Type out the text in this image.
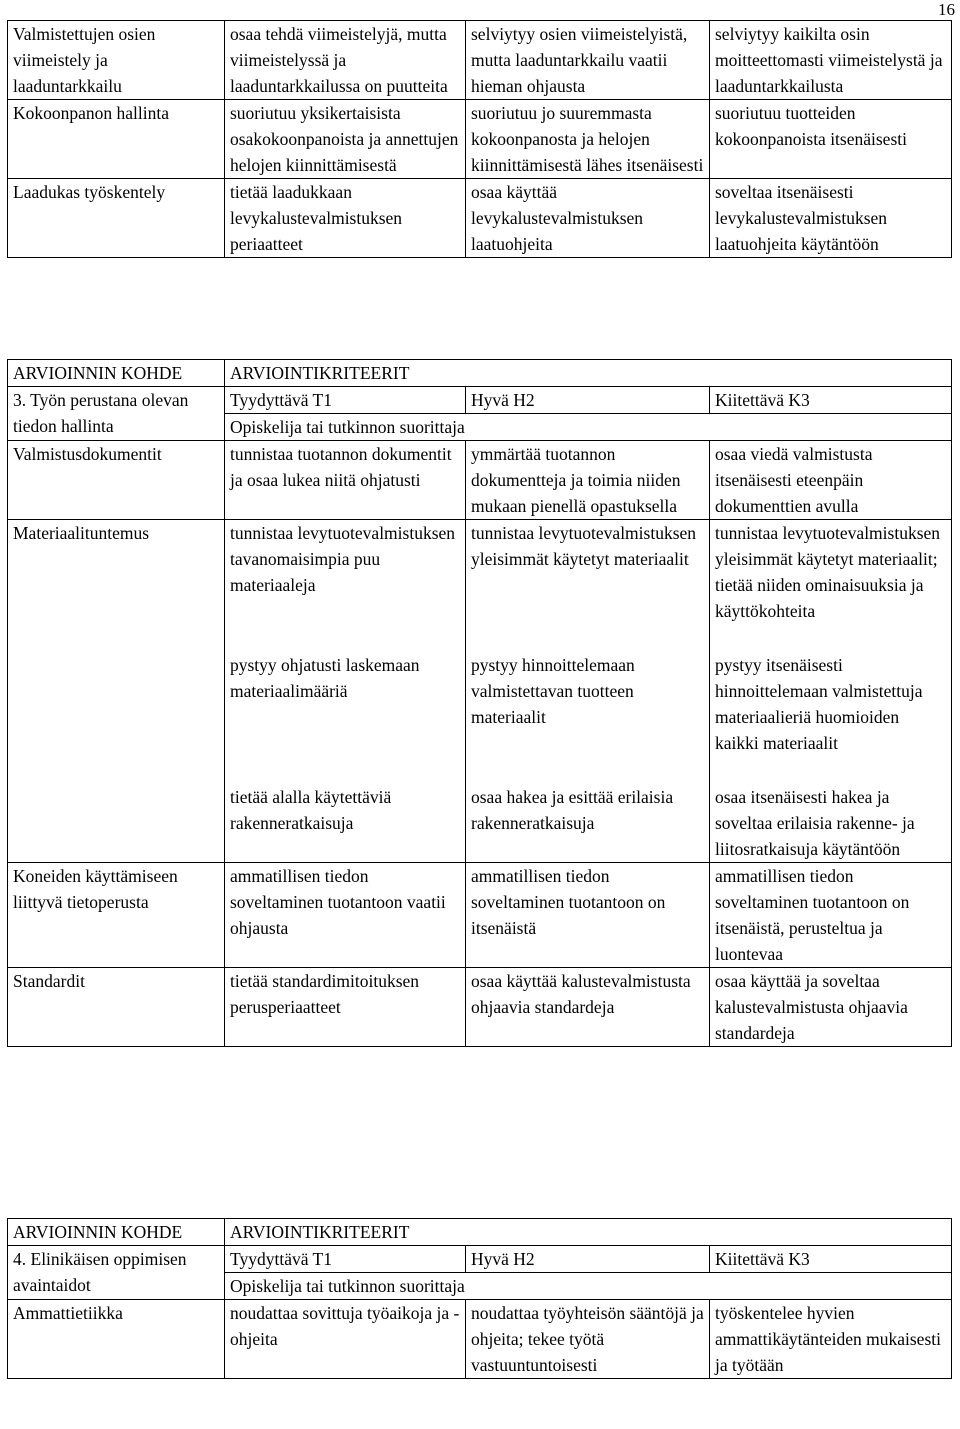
16
Valmistettujen osien viimeistely ja laaduntarkkailu	osaa tehdä viimeistelyjä, mutta viimeistelyssä ja laaduntarkkailussa on puutteita	selviytyy osien viimeistelyistä, mutta laaduntarkkailu vaatii hieman ohjausta	selviytyy kaikilta osin moitteettomasti viimeistelystä ja laaduntarkkailusta
Kokoonpanon hallinta	suoriutuu yksikertaisista osakokoonpanoista ja annettujen helojen kiinnittämisestä	suoriutuu jo suuremmasta kokoonpanosta ja helojen kiinnittämisestä lähes itsenäisesti	suoriutuu tuotteiden kokoonpanoista itsenäisesti
Laadukas työskentely	tietää laadukkaan levykalustevalmistuksen periaatteet	osaa käyttää levykalustevalmistuksen laatuohjeita	soveltaa itsenäisesti levykalustevalmistuksen laatuohjeita käytäntöön
ARVIOINNIN KOHDE	ARVIOINTIKRITEERIT		
3. Työn perustana olevan tiedon hallinta	Tyydyttävä T1	Hyvä H2	Kiitettävä K3
	Opiskelija tai tutkinnon suorittaja		
Valmistusdokumentit	tunnistaa tuotannon dokumentit ja osaa lukea niitä ohjatusti	ymmärtää tuotannon dokumentteja ja toimia niiden mukaan pienellä opastuksella	osaa viedä valmistusta itsenäisesti eteenpäin dokumenttien avulla
Materiaalituntemus	tunnistaa levytuotevalmistuksen tavanomaisimpia puu materiaaleja	tunnistaa levytuotevalmistuksen yleisimmät käytetyt materiaalit	tunnistaa levytuotevalmistuksen yleisimmät käytetyt materiaalit; tietää niiden ominaisuuksia ja käyttökohteita
	pystyy ohjatusti laskemaan materiaalimääriä	pystyy hinnoittelemaan valmistettavan tuotteen materiaalit	pystyy itsenäisesti hinnoittelemaan valmistettuja materiaalieriä huomioiden kaikki materiaalit
	tietää alalla käytettäviä rakenneratkaisuja	osaa hakea ja esittää erilaisia rakenneratkaisuja	osaa itsenäisesti hakea ja soveltaa erilaisia rakenne- ja liitosratkaisuja käytäntöön
Koneiden käyttämiseen liittyvä tietoperusta	ammatillisen tiedon soveltaminen tuotantoon vaatii ohjausta	ammatillisen tiedon soveltaminen tuotantoon on itsenäistä	ammatillisen tiedon soveltaminen tuotantoon on itsenäistä, perusteltua ja luontevaa
Standardit	tietää standardimitoituksen perusperiaatteet	osaa käyttää kalustevalmistusta ohjaavia standardeja	osaa käyttää ja soveltaa kalustevalmistusta ohjaavia standardeja
ARVIOINNIN KOHDE	ARVIOINTIKRITEERIT		
4. Elinikäisen oppimisen avaintaidot	Tyydyttävä T1	Hyvä H2	Kiitettävä K3
	Opiskelija tai tutkinnon suorittaja		
Ammattietiikka	noudattaa sovittuja työaikoja ja -ohjeita	noudattaa työyhteisön sääntöjä ja ohjeita; tekee työtä vastuuntuntoisesti	työskentelee hyvien ammattikäytänteiden mukaisesti ja työtään
